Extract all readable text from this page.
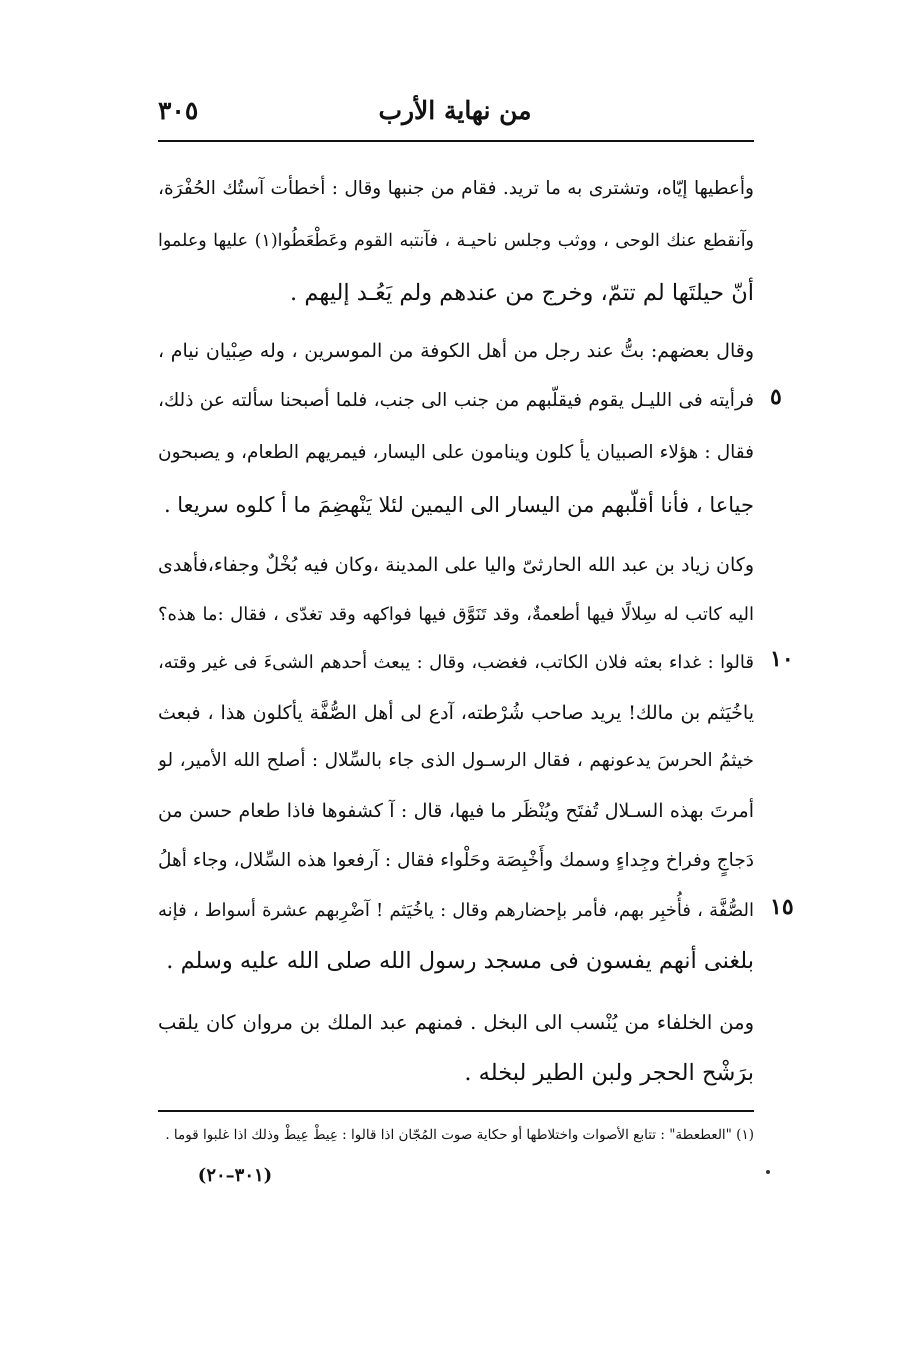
٣٠٥	من نهاية الأرب
وأعطيها إيّاه، وتشترى به ما تريد. فقام من جنبها وقال : أخطأت آستُك الحُفْرَة،
وآنقطع عنك الوحى ، ووثب وجلس ناحيـة ، فآنتبه القوم وعَطْعَطُوا(١) عليها وعلموا
أنّ حيلتَها لم تتمّ، وخرج من عندهم ولم يَعُـد إليهم .
وقال بعضهم: بتُّ عند رجل من أهل الكوفة من الموسرين ، وله صِبْيان نيام ،
فرأيته فى الليـل يقوم فيقلّبهم من جنب الى جنب، فلما أصبحنا سألته عن ذلك،
فقال : هؤلاء الصبيان يأ كلون وينامون على اليسار، فيمريهم الطعام، و يصبحون
جياعا ، فأنا أقلّبهم من اليسار الى اليمين لئلا يَنْهضِمَ ما أ كلوه سريعا .
وكان زياد بن عبد الله الحارثىّ واليا على المدينة ،وكان فيه بُخْلٌ وجفاء،فأهدى
اليه كاتب له سِلالًا فيها أطعمةٌ، وقد تَنَوَّق فيها فواكهه وقد تغدّى ، فقال :ما هذه؟
قالوا : غداء بعثه فلان الكاتب، فغضب، وقال : يبعث أحدهم الشىءَ فى غير وقته،
ياخُيَثم بن مالك! يريد صاحب شُرْطته، آدع لى أهل الصُّفَّة يأكلون هذا ، فبعث
خيثمُ الحرسَ يدعونهم ، فقال الرسـول الذى جاء بالسِّلال : أصلح الله الأمير، لو
أمرتَ بهذه السـلال تُفتَح ويُنْظَر ما فيها، قال : آ كشفوها فاذا طعام حسن من
دَجاجٍ وفراخ وجِداءٍ وسمك وأَخْبِصَة وحَلْواء فقال : آرفعوا هذه السِّلال، وجاء أهلُ
الصُّفَّة ، فأُخبِر بهم، فأمر بإحضارهم وقال : ياخُيَثم ! آضْرِبهم عشرة أسواط ، فإنه
بلغنى أنهم يفسون فى مسجد رسول الله صلى الله عليه وسلم .
ومن الخلفاء من يُنْسب الى البخل . فمنهم عبد الملك بن مروان كان يلقب
برَشْح الحجر ولبن الطير لبخله .
٥
١٠
١٥
(١) "العطعطة" : تتابع الأصوات واختلاطها أو حكاية صوت المُجّان اذا قالوا : عِيطْ عِيطْ وذلك اذا غلبوا قوما .
(٣٠١–٢٠)
